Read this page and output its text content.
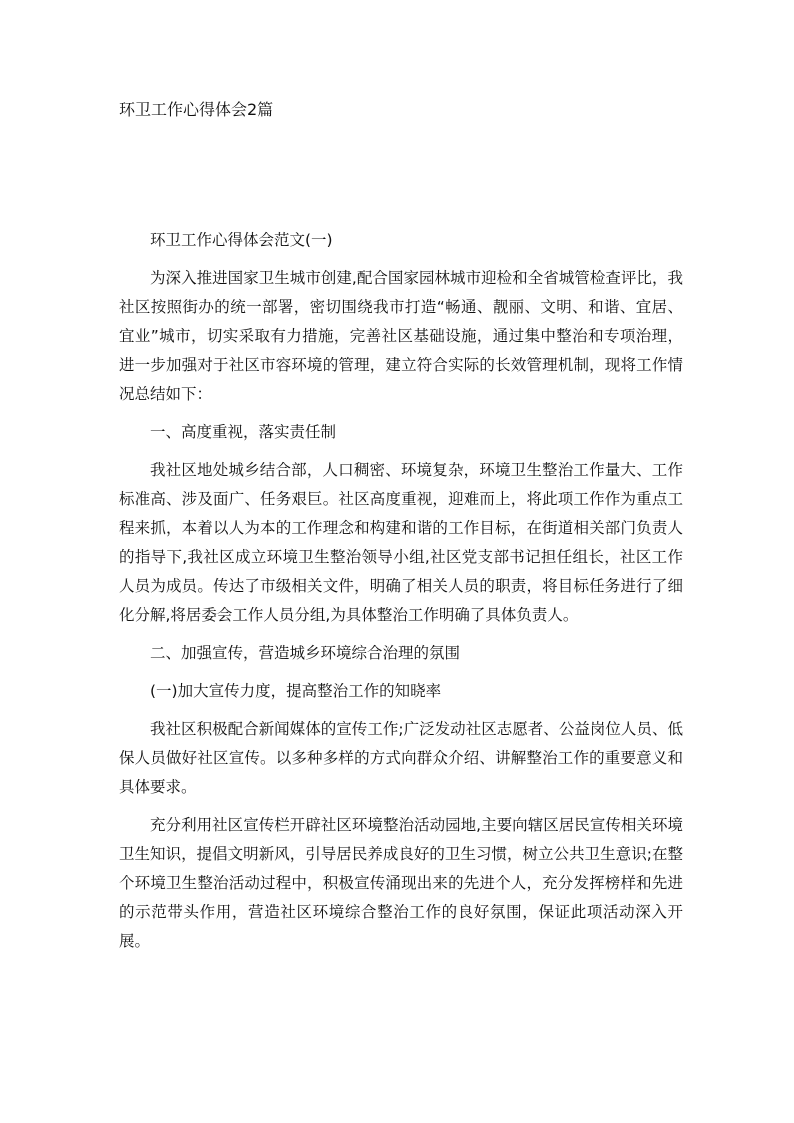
环卫工作心得体会2篇

环卫工作心得体会范文(一)

为深入推进国家卫生城市创建,配合国家园林城市迎检和全省城管检查评比，我社区按照街办的统一部署，密切围绕我市打造“畅通、靓丽、文明、和谐、宜居、宜业”城市，切实采取有力措施，完善社区基础设施，通过集中整治和专项治理，进一步加强对于社区市容环境的管理，建立符合实际的长效管理机制，现将工作情况总结如下：

一、高度重视，落实责任制

我社区地处城乡结合部，人口稠密、环境复杂，环境卫生整治工作量大、工作标准高、涉及面广、任务艰巨。社区高度重视，迎难而上，将此项工作作为重点工程来抓，本着以人为本的工作理念和构建和谐的工作目标，在街道相关部门负责人的指导下,我社区成立环境卫生整治领导小组,社区党支部书记担任组长，社区工作人员为成员。传达了市级相关文件，明确了相关人员的职责，将目标任务进行了细化分解,将居委会工作人员分组,为具体整治工作明确了具体负责人。

二、加强宣传，营造城乡环境综合治理的氛围

(一)加大宣传力度，提高整治工作的知晓率

我社区积极配合新闻媒体的宣传工作;广泛发动社区志愿者、公益岗位人员、低保人员做好社区宣传。以多种多样的方式向群众介绍、讲解整治工作的重要意义和具体要求。

充分利用社区宣传栏开辟社区环境整治活动园地,主要向辖区居民宣传相关环境卫生知识，提倡文明新风，引导居民养成良好的卫生习惯，树立公共卫生意识;在整个环境卫生整治活动过程中，积极宣传涌现出来的先进个人，充分发挥榜样和先进的示范带头作用，营造社区环境综合整治工作的良好氛围，保证此项活动深入开展。
